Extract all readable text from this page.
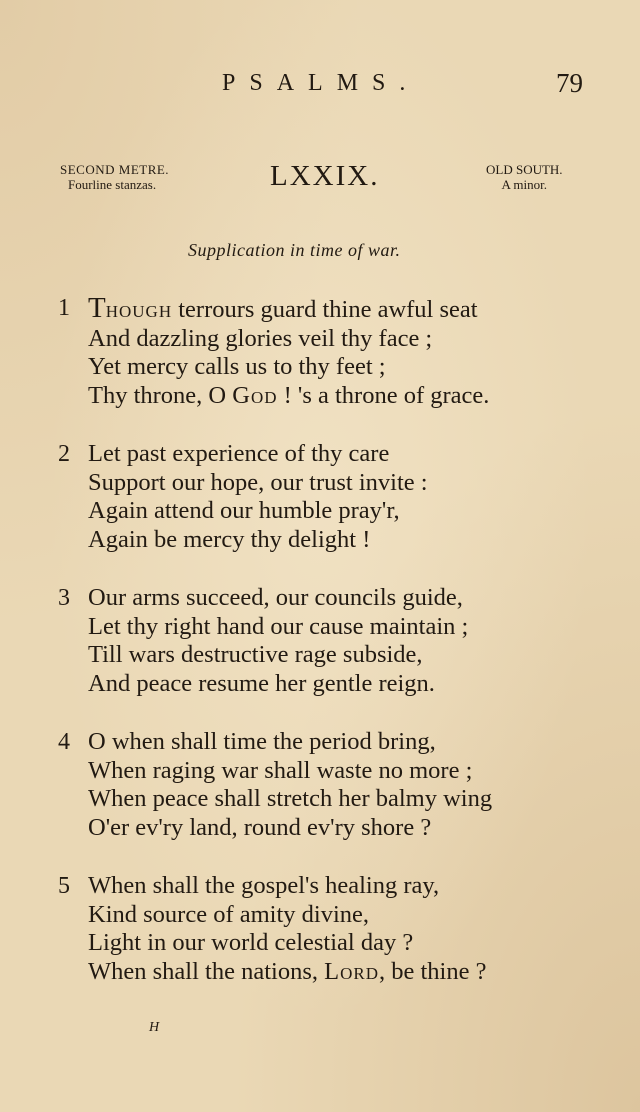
PSALMS.	79
SECOND METRE.
Fourline stanzas.	LXXIX.	OLD SOUTH.
A minor.
Supplication in time of war.
1 Though terrours guard thine awful seat
And dazzling glories veil thy face ;
Yet mercy calls us to thy feet ;
Thy throne, O God ! 's a throne of grace.
2 Let past experience of thy care
Support our hope, our trust invite :
Again attend our humble pray'r,
Again be mercy thy delight !
3 Our arms succeed, our councils guide,
Let thy right hand our cause maintain ;
Till wars destructive rage subside,
And peace resume her gentle reign.
4 O when shall time the period bring,
When raging war shall waste no more ;
When peace shall stretch her balmy wing
O'er ev'ry land, round ev'ry shore ?
5 When shall the gospel's healing ray,
Kind source of amity divine,
Light in our world celestial day ?
When shall the nations, Lord, be thine ?
H
